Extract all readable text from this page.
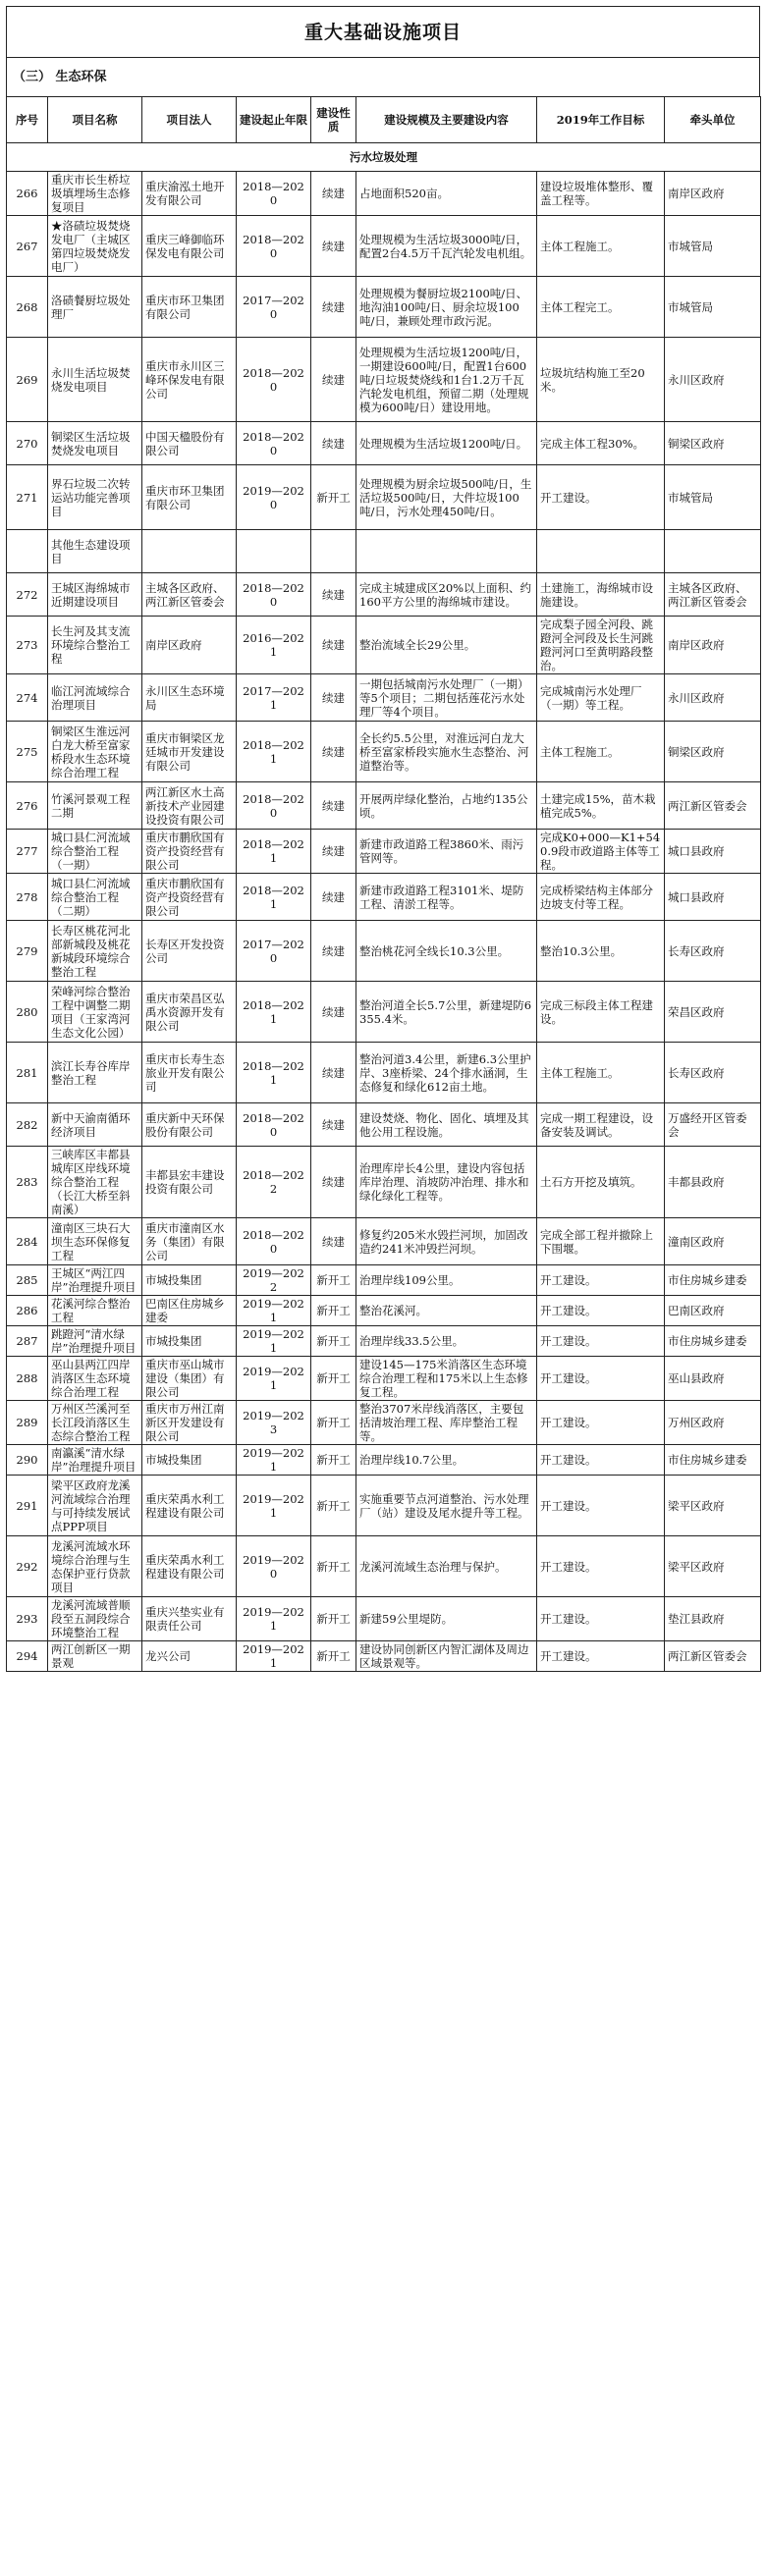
重大基础设施项目
（三） 生态环保
序号	项目名称	项目法人	建设起止年限	建设性质	建设规模及主要建设内容	2019年工作目标	牵头单位
污水垃圾处理							
266	重庆市长生桥垃圾填埋场生态修复项目	重庆渝泓土地开发有限公司	2018—2020	续建	占地面积520亩。	建设垃圾堆体整形、覆盖工程等。	南岸区政府
267	★洛碛垃圾焚烧发电厂（主城区第四垃圾焚烧发电厂）	重庆三峰御临环保发电有限公司	2018—2020	续建	处理规模为生活垃圾3000吨/日，配置2台4.5万千瓦汽轮发电机组。	主体工程施工。	市城管局
268	洛碛餐厨垃圾处理厂	重庆市环卫集团有限公司	2017—2020	续建	处理规模为餐厨垃圾2100吨/日、地沟油100吨/日、厨余垃圾100吨/日，兼顾处理市政污泥。	主体工程完工。	市城管局
269	永川生活垃圾焚烧发电项目	重庆市永川区三峰环保发电有限公司	2018—2020	续建	处理规模为生活垃圾1200吨/日，一期建设600吨/日，配置1台600吨/日垃圾焚烧线和1台1.2万千瓦汽轮发电机组，预留二期（处理规模为600吨/日）建设用地。	垃圾坑结构施工至20米。	永川区政府
270	铜梁区生活垃圾焚烧发电项目	中国天楹股份有限公司	2018—2020	续建	处理规模为生活垃圾1200吨/日。	完成主体工程30%。	铜梁区政府
271	界石垃圾二次转运站功能完善项目	重庆市环卫集团有限公司	2019—2020	新开工	处理规模为厨余垃圾500吨/日，生活垃圾500吨/日，大件垃圾100吨/日，污水处理450吨/日。	开工建设。	市城管局
	其他生态建设项目						
272	王城区海绵城市近期建设项目	主城各区政府、两江新区管委会	2018—2020	续建	完成主城建成区20%以上面积、约160平方公里的海绵城市建设。	土建施工，海绵城市设施建设。	主城各区政府、两江新区管委会
273	长生河及其支流环境综合整治工程	南岸区政府	2016—2021	续建	整治流域全长29公里。	完成梨子园全河段、跳蹬河全河段及长生河跳蹬河河口至黄明路段整治。	南岸区政府
274	临江河流域综合治理项目	永川区生态环境局	2017—2021	续建	一期包括城南污水处理厂（一期）等5个项目；二期包括莲花污水处理厂等4个项目。	完成城南污水处理厂（一期）等工程。	永川区政府
275	铜梁区生淮远河白龙大桥至富家桥段水生态环境综合治理工程	重庆市铜梁区龙廷城市开发建设有限公司	2018—2021	续建	全长约5.5公里，对淮远河白龙大桥至富家桥段实施水生态整治、河道整治等。	主体工程施工。	铜梁区政府
276	竹溪河景观工程二期	两江新区水土高新技术产业园建设投资有限公司	2018—2020	续建	开展两岸绿化整治，占地约135公顷。	土建完成15%，苗木栽植完成5%。	两江新区管委会
277	城口县仁河流域综合整治工程（一期）	重庆市鹏欣国有资产投资经营有限公司	2018—2021	续建	新建市政道路工程3860米、雨污管网等。	完成K0+000—K1+540.9段市政道路主体等工程。	城口县政府
278	城口县仁河流域综合整治工程（二期）	重庆市鹏欣国有资产投资经营有限公司	2018—2021	续建	新建市政道路工程3101米、堤防工程、清淤工程等。	完成桥梁结构主体部分边坡支付等工程。	城口县政府
279	长寿区桃花河北部新城段及桃花新城段环境综合整治工程	长寿区开发投资公司	2017—2020	续建	整治桃花河全线长10.3公里。	整治10.3公里。	长寿区政府
280	荣峰河综合整治工程中调整二期项目（王家湾河生态文化公园）	重庆市荣昌区弘禹水资源开发有限公司	2018—2021	续建	整治河道全长5.7公里，新建堤防6355.4米。	完成三标段主体工程建设。	荣昌区政府
281	滨江长寿谷库岸整治工程	重庆市长寿生态旅业开发有限公司	2018—2021	续建	整治河道3.4公里，新建6.3公里护岸、3座桥梁、24个排水涵洞，生态修复和绿化612亩土地。	主体工程施工。	长寿区政府
282	新中天渝南循环经济项目	重庆新中天环保股份有限公司	2018—2020	续建	建设焚烧、物化、固化、填埋及其他公用工程设施。	完成一期工程建设，设备安装及调试。	万盛经开区管委会
283	三峡库区丰都县城库区岸线环境综合整治工程（长江大桥至斜南溪）	丰都县宏丰建设投资有限公司	2018—2022	续建	治理库岸长4公里，建设内容包括库岸治理、消坡防冲治理、排水和绿化绿化工程等。	土石方开挖及填筑。	丰都县政府
284	潼南区三块石大坝生态环保修复工程	重庆市潼南区水务（集团）有限公司	2018—2020	续建	修复约205米水毁拦河坝，加固改造约241米冲毁拦河坝。	完成全部工程并撤除上下围堰。	潼南区政府
285	王城区“两江四岸”治理提升项目	市城投集团	2019—2022	新开工	治理岸线109公里。	开工建设。	市住房城乡建委
286	花溪河综合整治工程	巴南区住房城乡建委	2019—2021	新开工	整治花溪河。	开工建设。	巴南区政府
287	跳蹬河“清水绿岸”治理提升项目	市城投集团	2019—2021	新开工	治理岸线33.5公里。	开工建设。	市住房城乡建委
288	巫山县两江四岸消落区生态环境综合治理工程	重庆市巫山城市建设（集团）有限公司	2019—2021	新开工	建设145—175米消落区生态环境综合治理工程和175米以上生态修复工程。	开工建设。	巫山县政府
289	万州区苎溪河至长江段消落区生态综合整治工程	重庆市万州江南新区开发建设有限公司	2019—2023	新开工	整治3707米岸线消落区，主要包括清坡治理工程、库岸整治工程等。	开工建设。	万州区政府
290	南瀛溪“清水绿岸”治理提升项目	市城投集团	2019—2021	新开工	治理岸线10.7公里。	开工建设。	市住房城乡建委
291	梁平区政府龙溪河流域综合治理与可持续发展试点PPP项目	重庆荣禹水利工程建设有限公司	2019—2021	新开工	实施重要节点河道整治、污水处理厂（站）建设及尾水提升等工程。	开工建设。	梁平区政府
292	龙溪河流域水环境综合治理与生态保护亚行贷款项目	重庆荣禹水利工程建设有限公司	2019—2020	新开工	龙溪河流域生态治理与保护。	开工建设。	梁平区政府
293	龙溪河流域普顺段至五洞段综合环境整治工程	重庆兴垫实业有限责任公司	2019—2021	新开工	新建59公里堤防。	开工建设。	垫江县政府
294	两江创新区一期景观	龙兴公司	2019—2021	新开工	建设协同创新区内智汇湖体及周边区域景观等。	开工建设。	两江新区管委会
